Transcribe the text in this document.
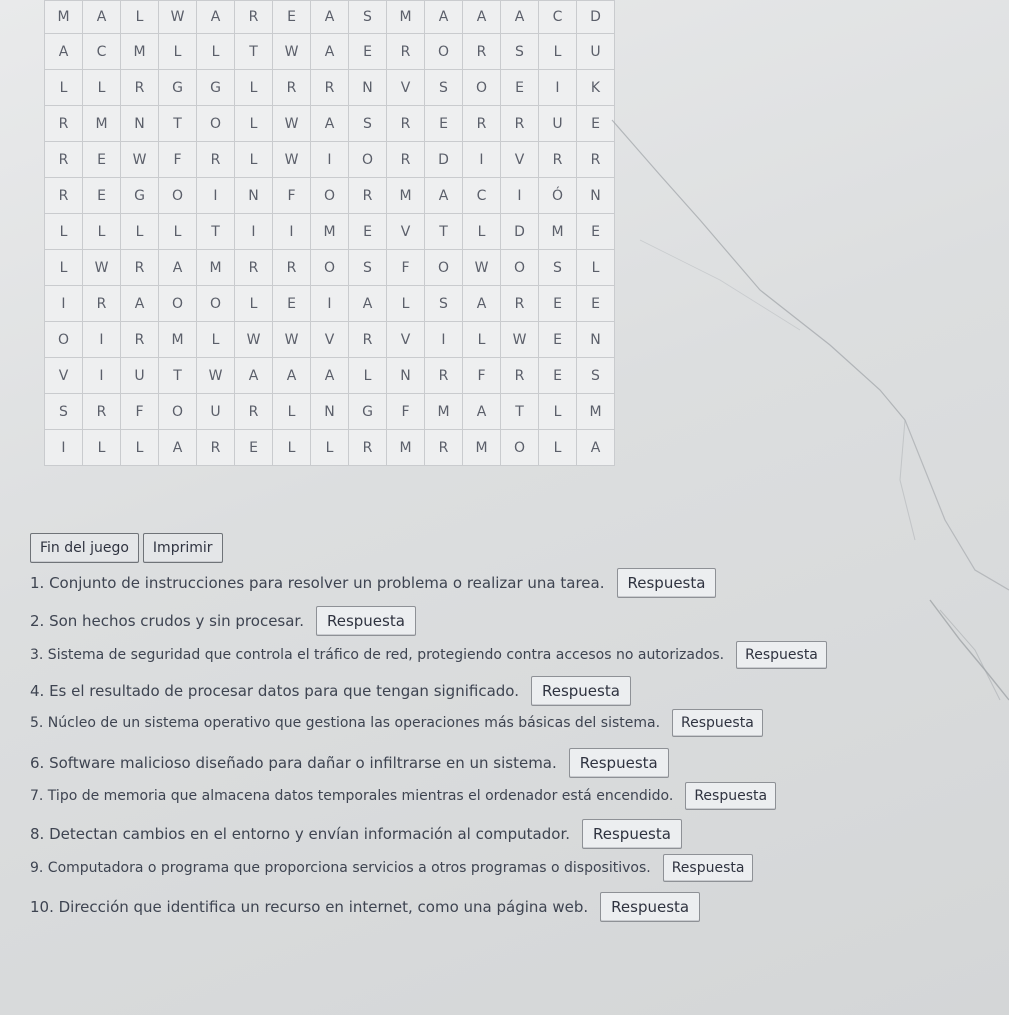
M	A	L	W	A	R	E	A	S	M	A	A	A	C	D
A	C	M	L	L	T	W	A	E	R	O	R	S	L	U
L	L	R	G	G	L	R	R	N	V	S	O	E	I	K
R	M	N	T	O	L	W	A	S	R	E	R	R	U	E
R	E	W	F	R	L	W	I	O	R	D	I	V	R	R
R	E	G	O	I	N	F	O	R	M	A	C	I	Ó	N
L	L	L	L	T	I	I	M	E	V	T	L	D	M	E
L	W	R	A	M	R	R	O	S	F	O	W	O	S	L
I	R	A	O	O	L	E	I	A	L	S	A	R	E	E
O	I	R	M	L	W	W	V	R	V	I	L	W	E	N
V	I	U	T	W	A	A	A	L	N	R	F	R	E	S
S	R	F	O	U	R	L	N	G	F	M	A	T	L	M
I	L	L	A	R	E	L	L	R	M	R	M	O	L	A
Fin del juego	Imprimir
1. Conjunto de instrucciones para resolver un problema o realizar una tarea.	Respuesta
2. Son hechos crudos y sin procesar.	Respuesta
3. Sistema de seguridad que controla el tráfico de red, protegiendo contra accesos no autorizados.	Respuesta
4. Es el resultado de procesar datos para que tengan significado.	Respuesta
5. Núcleo de un sistema operativo que gestiona las operaciones más básicas del sistema.	Respuesta
6. Software malicioso diseñado para dañar o infiltrarse en un sistema.	Respuesta
7. Tipo de memoria que almacena datos temporales mientras el ordenador está encendido.	Respuesta
8. Detectan cambios en el entorno y envían información al computador.	Respuesta
9. Computadora o programa que proporciona servicios a otros programas o dispositivos.	Respuesta
10. Dirección que identifica un recurso en internet, como una página web.	Respuesta
